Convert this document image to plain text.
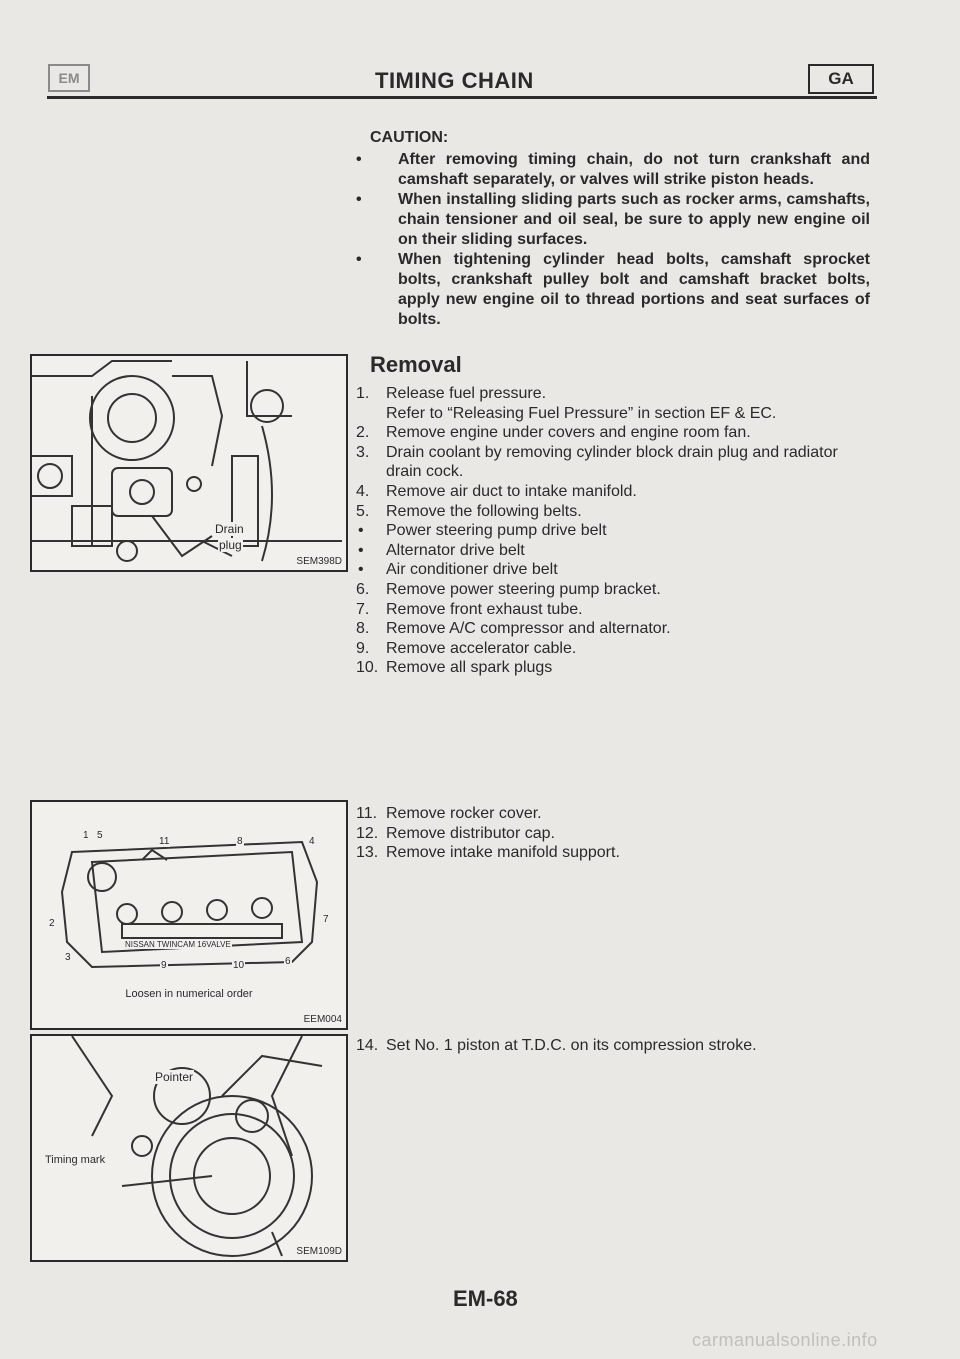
EM	TIMING CHAIN	GA
CAUTION:
• After removing timing chain, do not turn crankshaft and camshaft separately, or valves will strike piston heads.
• When installing sliding parts such as rocker arms, camshafts, chain tensioner and oil seal, be sure to apply new engine oil on their sliding surfaces.
• When tightening cylinder head bolts, camshaft sprocket bolts, crankshaft pulley bolt and camshaft bracket bolts, apply new engine oil to thread portions and seat surfaces of bolts.
Removal
1. Release fuel pressure.
Refer to “Releasing Fuel Pressure” in section EF & EC.
2. Remove engine under covers and engine room fan.
3. Drain coolant by removing cylinder block drain plug and radiator drain cock.
4. Remove air duct to intake manifold.
5. Remove the following belts.
• Power steering pump drive belt
• Alternator drive belt
• Air conditioner drive belt
6. Remove power steering pump bracket.
7. Remove front exhaust tube.
8. Remove A/C compressor and alternator.
9. Remove accelerator cable.
10. Remove all spark plugs
11. Remove rocker cover.
12. Remove distributor cap.
13. Remove intake manifold support.
14. Set No. 1 piston at T.D.C. on its compression stroke.
Drain
plug
SEM398D
1 5
11	8	4
2	7
3
9	10	6
NISSAN TWINCAM 16VALVE
Loosen in numerical order
EEM004
Pointer
Timing mark
SEM109D
EM-68
carmanualsonline.info
